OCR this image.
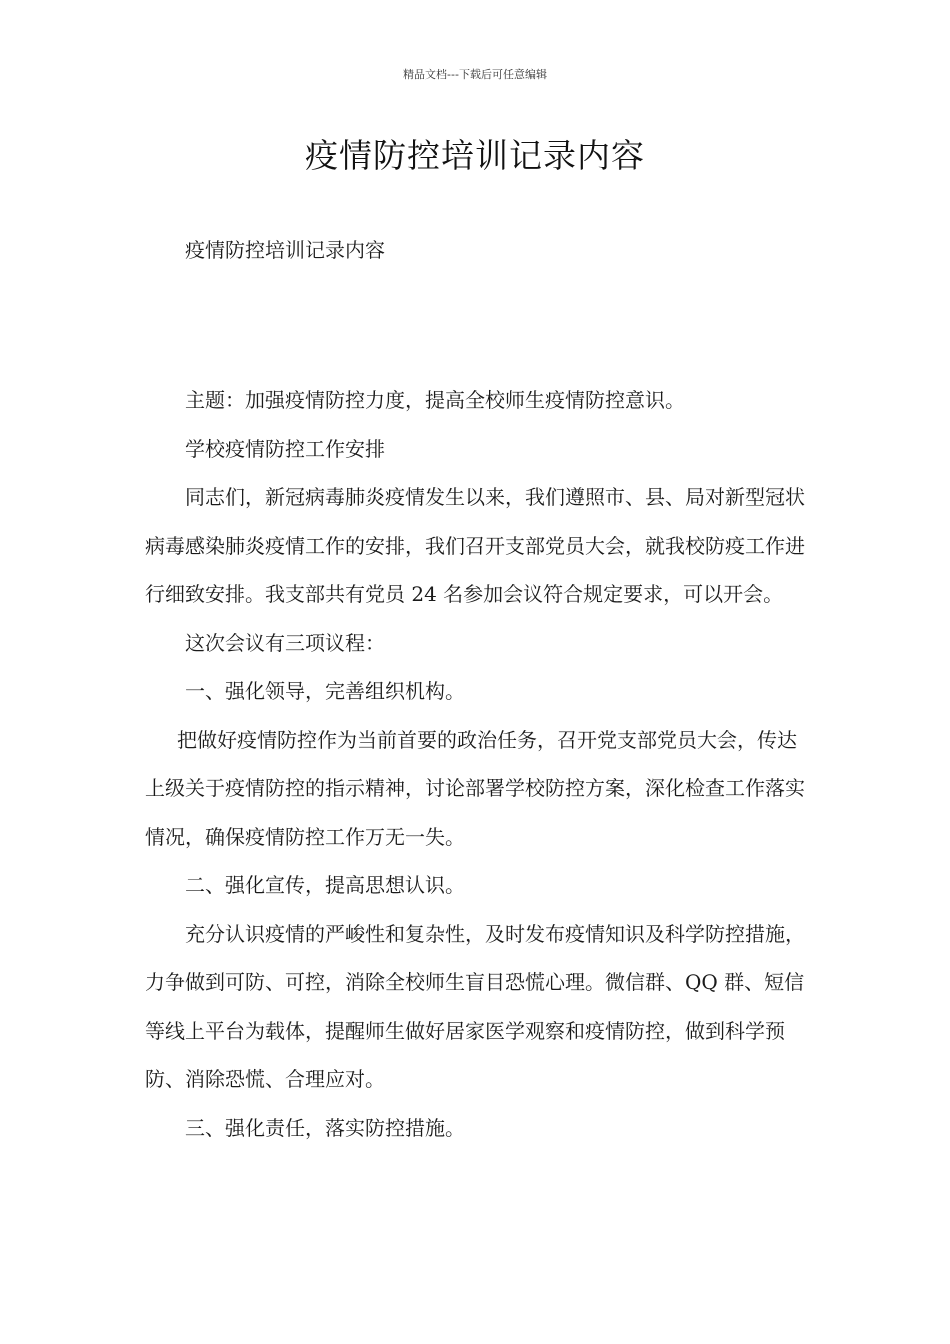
精品文档---下载后可任意编辑
疫情防控培训记录内容

疫情防控培训记录内容

主题：加强疫情防控力度，提高全校师生疫情防控意识。

学校疫情防控工作安排

同志们，新冠病毒肺炎疫情发生以来，我们遵照市、县、局对新型冠状病毒感染肺炎疫情工作的安排，我们召开支部党员大会，就我校防疫工作进行细致安排。我支部共有党员 24 名参加会议符合规定要求，可以开会。

这次会议有三项议程：

一、强化领导，完善组织机构。

把做好疫情防控作为当前首要的政治任务，召开党支部党员大会，传达上级关于疫情防控的指示精神，讨论部署学校防控方案，深化检查工作落实情况，确保疫情防控工作万无一失。

二、强化宣传，提高思想认识。

充分认识疫情的严峻性和复杂性，及时发布疫情知识及科学防控措施，力争做到可防、可控，消除全校师生盲目恐慌心理。微信群、QQ 群、短信等线上平台为载体，提醒师生做好居家医学观察和疫情防控，做到科学预防、消除恐慌、合理应对。

三、强化责任，落实防控措施。
